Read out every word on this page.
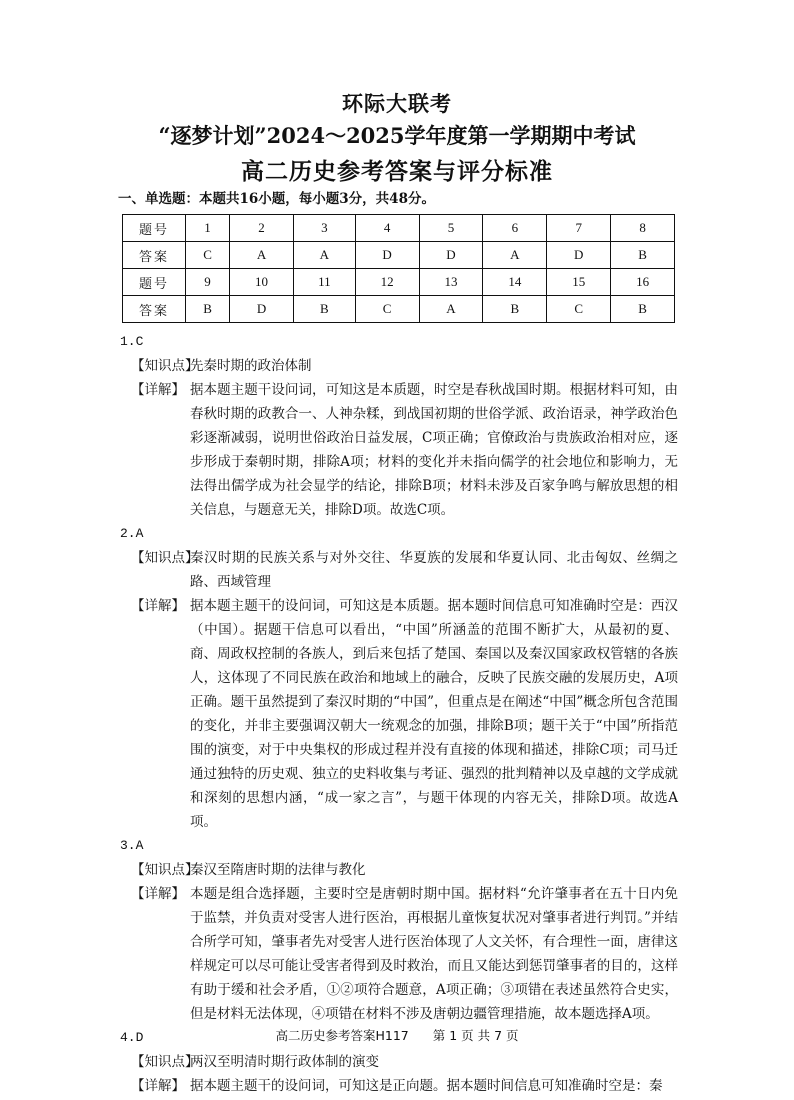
环际大联考
“逐梦计划”2024～2025学年度第一学期期中考试
高二历史参考答案与评分标准
一、单选题：本题共16小题，每小题3分，共48分。
题号	1	2	3	4	5	6	7	8
答案	C	A	A	D	D	A	D	B
题号	9	10	11	12	13	14	15	16
答案	B	D	B	C	A	B	C	B
1.C
【知识点】
先秦时期的政治体制
【详解】 据本题主题干设问词，可知这是本质题，时空是春秋战国时期。根据材料可知，由春秋时期的政教合一、人神杂糅，到战国初期的世俗学派、政治语录，神学政治色彩逐渐减弱，说明世俗政治日益发展，C项正确；官僚政治与贵族政治相对应，逐步形成于秦朝时期，排除A项；材料的变化并未指向儒学的社会地位和影响力，无法得出儒学成为社会显学的结论，排除B项；材料未涉及百家争鸣与解放思想的相关信息，与题意无关，排除D项。故选C项。
2.A
【知识点】
秦汉时期的民族关系与对外交往、华夏族的发展和华夏认同、北击匈奴、丝绸之路、西域管理
【详解】 据本题主题干的设问词，可知这是本质题。据本题时间信息可知准确时空是：西汉（中国）。据题干信息可以看出，“中国”所涵盖的范围不断扩大，从最初的夏、商、周政权控制的各族人，到后来包括了楚国、秦国以及秦汉国家政权管辖的各族人，这体现了不同民族在政治和地域上的融合，反映了民族交融的发展历史，A项正确。题干虽然提到了秦汉时期的“中国”，但重点是在阐述“中国”概念所包含范围的变化，并非主要强调汉朝大一统观念的加强，排除B项；题干关于“中国”所指范围的演变，对于中央集权的形成过程并没有直接的体现和描述，排除C项；司马迁通过独特的历史观、独立的史料收集与考证、强烈的批判精神以及卓越的文学成就和深刻的思想内涵，“成一家之言”，与题干体现的内容无关，排除D项。故选A项。
3.A
【知识点】
秦汉至隋唐时期的法律与教化
【详解】 本题是组合选择题，主要时空是唐朝时期中国。据材料“允许肇事者在五十日内免于监禁，并负责对受害人进行医治，再根据儿童恢复状况对肇事者进行判罚。”并结合所学可知，肇事者先对受害人进行医治体现了人文关怀，有合理性一面，唐律这样规定可以尽可能让受害者得到及时救治，而且又能达到惩罚肇事者的目的，这样有助于缓和社会矛盾，①②项符合题意，A项正确；③项错在表述虽然符合史实，但是材料无法体现，④项错在材料不涉及唐朝边疆管理措施，故本题选择A项。
4.D
【知识点】
两汉至明清时期行政体制的演变
【详解】 据本题主题干的设问词，可知这是正向题。据本题时间信息可知准确时空是：秦
高二历史参考答案H117 第 1 页 共 7 页
